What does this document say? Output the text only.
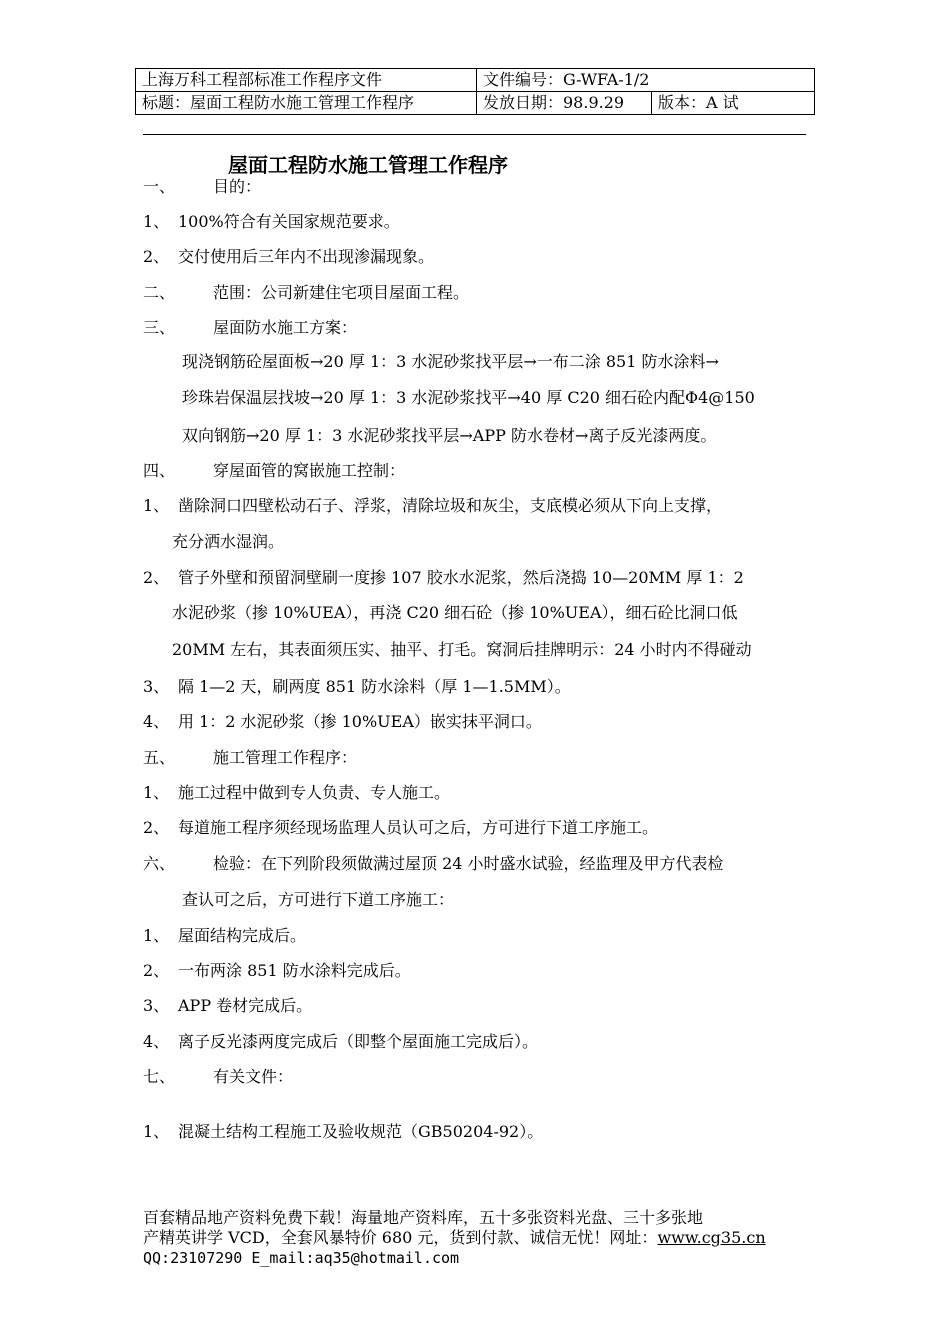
上海万科工程部标准工作程序文件	文件编号：G-WFA-1/2	
标题：屋面工程防水施工管理工作程序	发放日期：98.9.29	版本：A 试
屋面工程防水施工管理工作程序
一、 目的：
1、 100%符合有关国家规范要求。
2、 交付使用后三年内不出现渗漏现象。
二、 范围：公司新建住宅项目屋面工程。
三、 屋面防水施工方案：
现浇钢筋砼屋面板→20 厚 1：3 水泥砂浆找平层→一布二涂 851 防水涂料→
珍珠岩保温层找坡→20 厚 1：3 水泥砂浆找平→40 厚 C20 细石砼内配Φ4@150
双向钢筋→20 厚 1：3 水泥砂浆找平层→APP 防水卷材→离子反光漆两度。
四、 穿屋面管的窝嵌施工控制：
1、 凿除洞口四壁松动石子、浮浆，清除垃圾和灰尘，支底模必须从下向上支撑，
充分洒水湿润。
2、 管子外壁和预留洞壁刷一度掺 107 胶水水泥浆，然后浇捣 10—20MM 厚 1：2
水泥砂浆（掺 10%UEA），再浇 C20 细石砼（掺 10%UEA），细石砼比洞口低
20MM 左右，其表面须压实、抽平、打毛。窝洞后挂牌明示：24 小时内不得碰动
3、 隔 1—2 天，刷两度 851 防水涂料（厚 1—1.5MM）。
4、 用 1：2 水泥砂浆（掺 10%UEA）嵌实抹平洞口。
五、 施工管理工作程序：
1、 施工过程中做到专人负责、专人施工。
2、 每道施工程序须经现场监理人员认可之后，方可进行下道工序施工。
六、 检验：在下列阶段须做满过屋顶 24 小时盛水试验，经监理及甲方代表检
查认可之后，方可进行下道工序施工：
1、 屋面结构完成后。
2、 一布两涂 851 防水涂料完成后。
3、 APP 卷材完成后。
4、 离子反光漆两度完成后（即整个屋面施工完成后）。
七、 有关文件：
1、 混凝土结构工程施工及验收规范（GB50204-92）。
百套精品地产资料免费下载！海量地产资料库，五十多张资料光盘、三十多张地
产精英讲学 VCD，全套风暴特价 680 元，货到付款、诚信无忧！网址：www.cg35.cn
QQ:23107290 E_mail:aq35@hotmail.com
